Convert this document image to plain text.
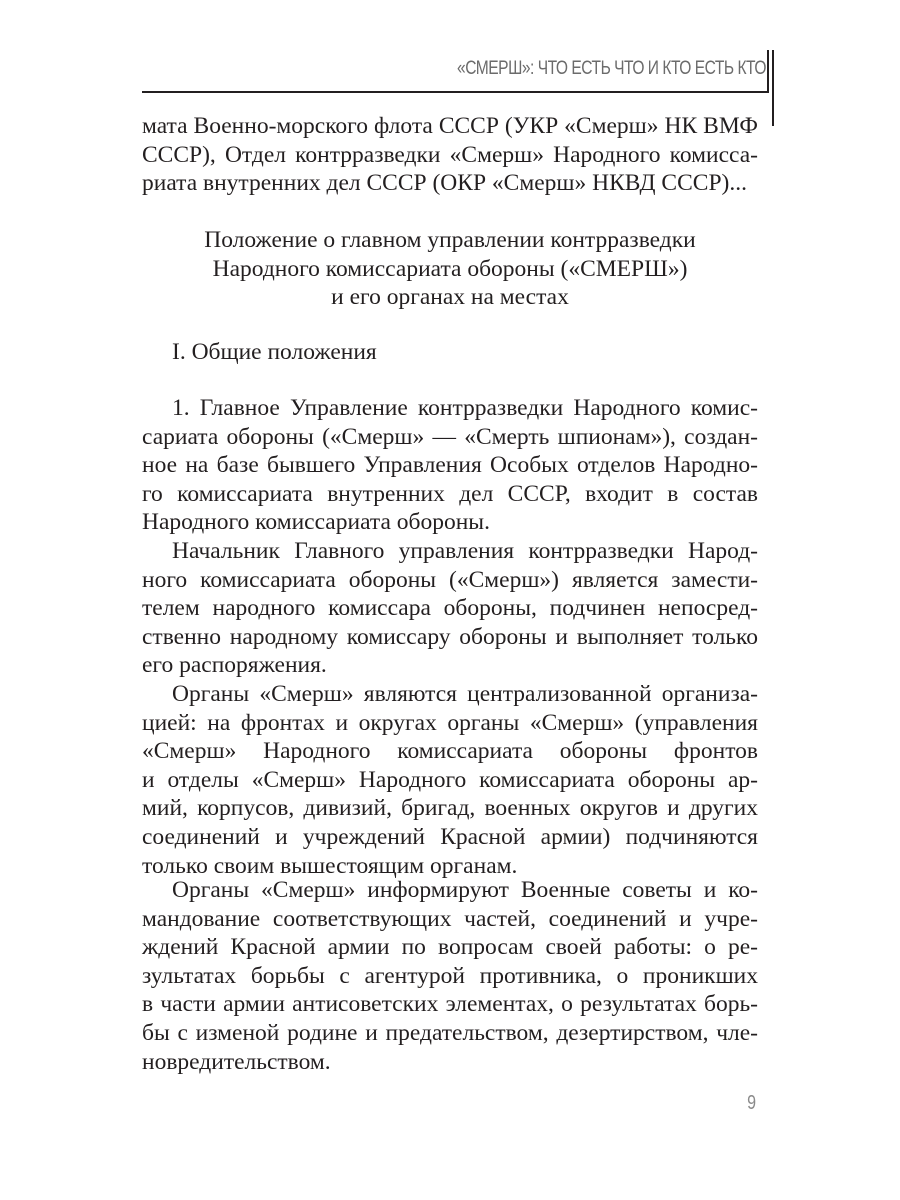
«СМЕРШ»: ЧТО ЕСТЬ ЧТО И КТО ЕСТЬ КТО
мата Военно-морского флота СССР (УКР «Смерш» НК ВМФ
СССР), Отдел контрразведки «Смерш» Народного комисса-
риата внутренних дел СССР (ОКР «Смерш» НКВД СССР)...
Положение о главном управлении контрразведки
Народного комиссариата обороны («СМЕРШ»)
и его органах на местах
I. Общие положения
1. Главное Управление контрразведки Народного комис-
сариата обороны («Смерш» — «Смерть шпионам»), создан-
ное на базе бывшего Управления Особых отделов Народно-
го комиссариата внутренних дел СССР, входит в состав
Народного комиссариата обороны.
Начальник Главного управления контрразведки Народ-
ного комиссариата обороны («Смерш») является замести-
телем народного комиссара обороны, подчинен непосред-
ственно народному комиссару обороны и выполняет только
его распоряжения.
Органы «Смерш» являются централизованной организа-
цией: на фронтах и округах органы «Смерш» (управления
«Смерш» Народного комиссариата обороны фронтов
и отделы «Смерш» Народного комиссариата обороны ар-
мий, корпусов, дивизий, бригад, военных округов и других
соединений и учреждений Красной армии) подчиняются
только своим вышестоящим органам.
Органы «Смерш» информируют Военные советы и ко-
мандование соответствующих частей, соединений и учре-
ждений Красной армии по вопросам своей работы: о ре-
зультатах борьбы с агентурой противника, о проникших
в части армии антисоветских элементах, о результатах борь-
бы с изменой родине и предательством, дезертирством, чле-
новредительством.
9
